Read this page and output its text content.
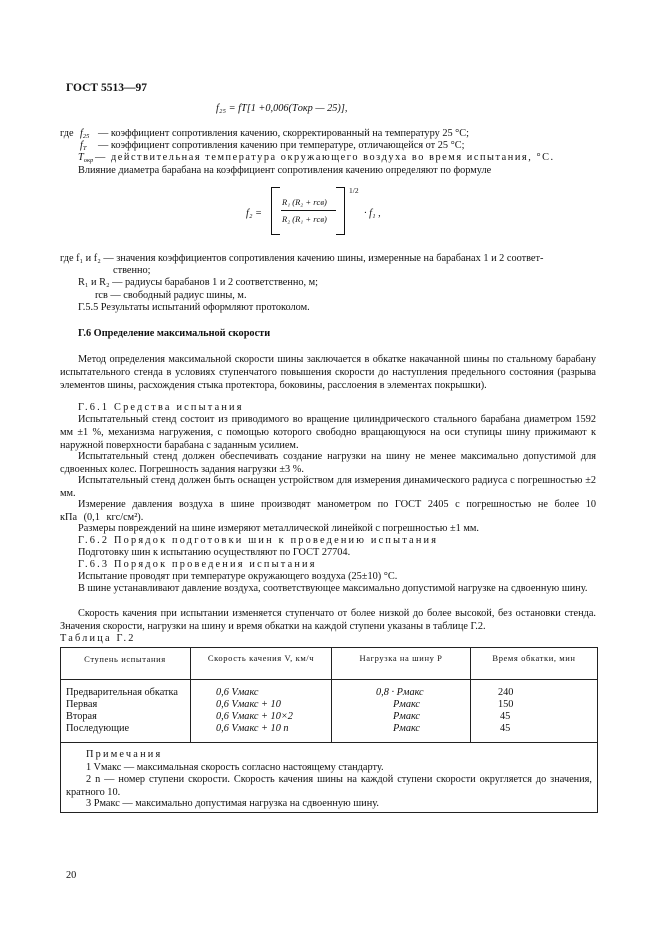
ГОСТ 5513—97
f₂₅ = fT[1 +0,006(Tокр — 25)],
где $f_{25}$ — коэффициент сопротивления качению, скорректированный на температуру 25 °С;
$f_T$ — коэффициент сопротивления качению при температуре, отличающейся от 25 °С;
$T_{окр}$ — действительная температура окружающего воздуха во время испытания, °С.
Влияние диаметра барабана на коэффициент сопротивления качению определяют по формуле
f₂ =
R₁ (R₂ + rсв)
R₂ (R₁ + rсв)
1/2
· f₁ ,
где f₁ и f₂ — значения коэффициентов сопротивления качению шины, измеренные на барабанах 1 и 2 соответ-
ственно;
R₁ и R₂ — радиусы барабанов 1 и 2 соответственно, м;
rсв — свободный радиус шины, м.
Г.5.5 Результаты испытаний оформляют протоколом.
Г.6 Определение максимальной скорости
Метод определения максимальной скорости шины заключается в обкатке накачанной шины по стальному барабану испытательного стенда в условиях ступенчатого повышения скорости до наступления предельного состояния (разрыва элементов шины, расхождения стыка протектора, боковины, расслоения в элементах покрышки).
Г.6.1 Средства испытания
Испытательный стенд состоит из приводимого во вращение цилиндрического стального барабана диаметром 1592 мм ±1 %, механизма нагружения, с помощью которого свободно вращающуюся на оси ступицы шину прижимают к наружной поверхности барабана с заданным усилием.
Испытательный стенд должен обеспечивать создание нагрузки на шину не менее максимально допустимой для сдвоенных колес. Погрешность задания нагрузки ±3 %.
Испытательный стенд должен быть оснащен устройством для измерения динамического радиуса с погрешностью ±2 мм.
Измерение давления воздуха в шине производят манометром по ГОСТ 2405 с погрешностью не более 10 кПа (0,1 кгс/см²).
Размеры повреждений на шине измеряют металлической линейкой с погрешностью ±1 мм.
Г.6.2 Порядок подготовки шин к проведению испытания
Подготовку шин к испытанию осуществляют по ГОСТ 27704.
Г.6.3 Порядок проведения испытания
Испытание проводят при температуре окружающего воздуха (25±10) °С.
В шине устанавливают давление воздуха, соответствующее максимально допустимой нагрузке на сдвоенную шину.
Скорость качения при испытании изменяется ступенчато от более низкой до более высокой, без остановки стенда. Значения скорости, нагрузки на шину и время обкатки на каждой ступени указаны в таблице Г.2.
Таблица Г.2
Ступень испытания	Скорость качения V, км/ч	Нагрузка на шину P	Время обкатки, мин
Предварительная обкатка	0,6 Vмакс	0,8 · Pмакс	240
Первая	0,6 Vмакс + 10	Pмакс	150
Вторая	0,6 Vмакс + 10×2	Pмакс	45
Последующие	0,6 Vмакс + 10 n	Pмакс	45
Примечания
1 Vмакс — максимальная скорость согласно настоящему стандарту.
2 n — номер ступени скорости. Скорость качения шины на каждой ступени скорости округляется до значения, кратного 10.
3 Pмакс — максимально допустимая нагрузка на сдвоенную шину.
20
